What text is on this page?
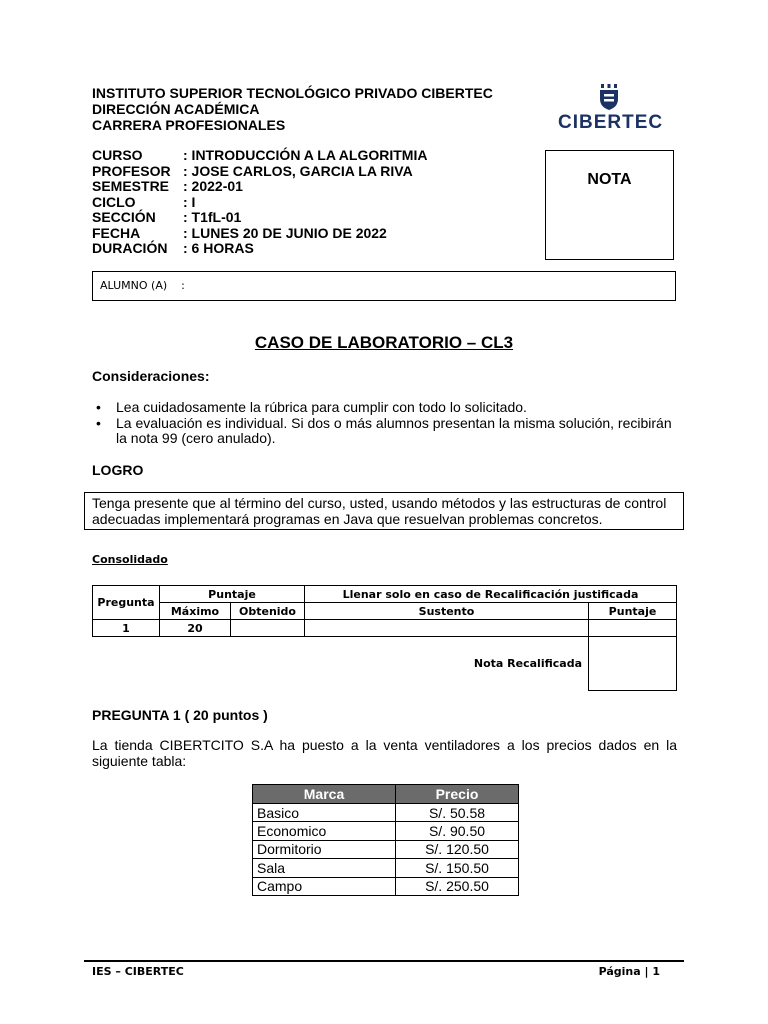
INSTITUTO SUPERIOR TECNOLÓGICO PRIVADO CIBERTEC
DIRECCIÓN ACADÉMICA
CARRERA PROFESIONALES	CIBERTEC
CURSO	: INTRODUCCIÓN A LA ALGORITMIA
PROFESOR : JOSE CARLOS, GARCIA LA RIVA
SEMESTRE : 2022-01
CICLO	: I
SECCIÓN	: T1fL-01
FECHA	: LUNES 20 DE JUNIO DE 2022
DURACIÓN	: 6 HORAS
NOTA
ALUMNO (A) :
CASO DE LABORATORIO – CL3
Consideraciones:
•	Lea cuidadosamente la rúbrica para cumplir con todo lo solicitado.
•	La evaluación es individual. Si dos o más alumnos presentan la misma solución, recibirán la nota 99 (cero anulado).
LOGRO
Tenga presente que al término del curso, usted, usando métodos y las estructuras de control adecuadas implementará programas en Java que resuelvan problemas concretos.
Consolidado
Pregunta	Puntaje		Llenar solo en caso de Recalificación justificada	
	Máximo	Obtenido	Sustento	Puntaje
1	20			
Nota Recalificada				
PREGUNTA 1 ( 20 puntos )
La tienda CIBERTCITO S.A ha puesto a la venta ventiladores a los precios dados en la siguiente tabla:
Marca	Precio
Basico	S/. 50.58
Economico	S/. 90.50
Dormitorio	S/. 120.50
Sala	S/. 150.50
Campo	S/. 250.50
IES – CIBERTEC	Página | 1
